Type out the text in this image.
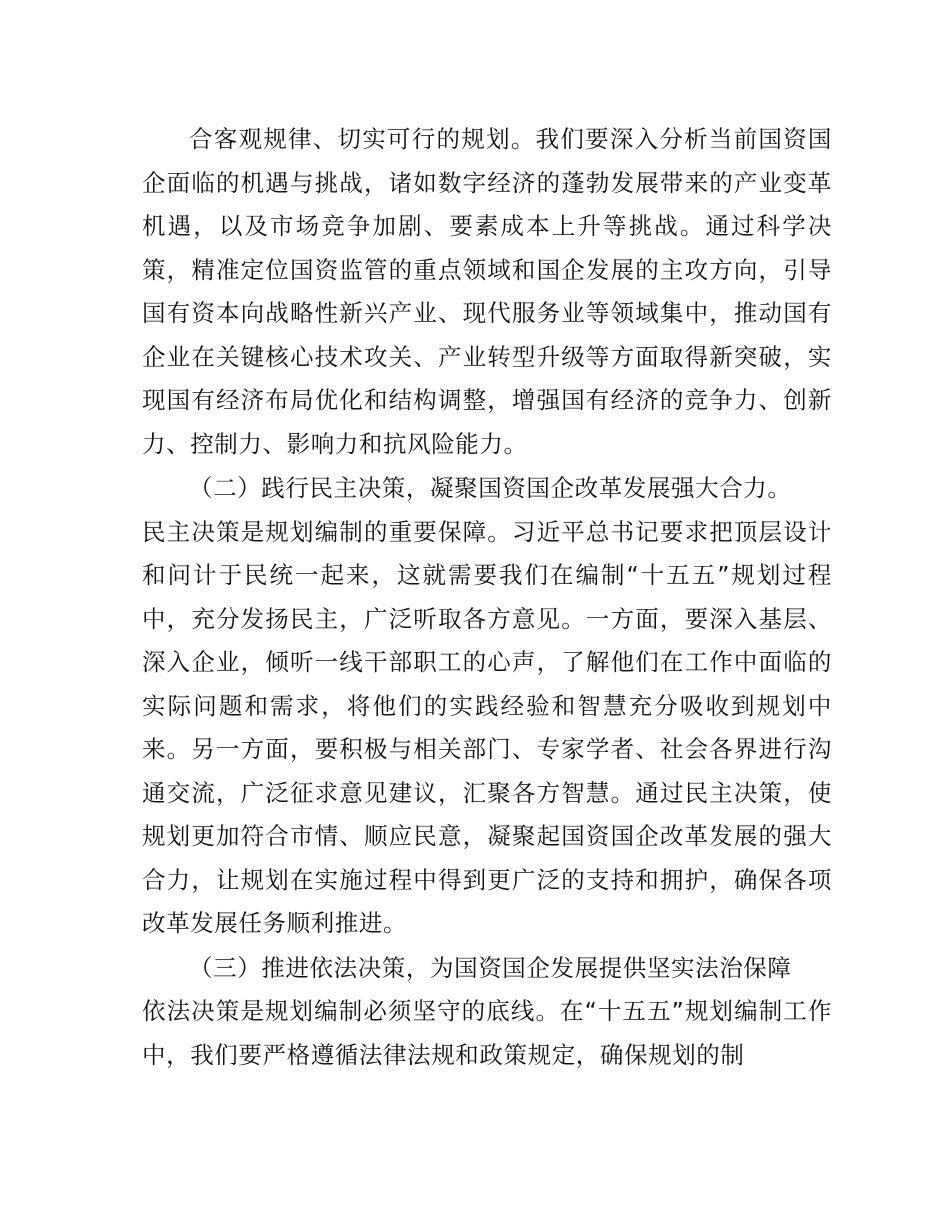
合客观规律、切实可行的规划。我们要深入分析当前国资国企面临的机遇与挑战，诸如数字经济的蓬勃发展带来的产业变革机遇，以及市场竞争加剧、要素成本上升等挑战。通过科学决策，精准定位国资监管的重点领域和国企发展的主攻方向，引导国有资本向战略性新兴产业、现代服务业等领域集中，推动国有企业在关键核心技术攻关、产业转型升级等方面取得新突破，实现国有经济布局优化和结构调整，增强国有经济的竞争力、创新力、控制力、影响力和抗风险能力。

（二）践行民主决策，凝聚国资国企改革发展强大合力。
民主决策是规划编制的重要保障。习近平总书记要求把顶层设计和问计于民统一起来，这就需要我们在编制“十五五”规划过程中，充分发扬民主，广泛听取各方意见。一方面，要深入基层、深入企业，倾听一线干部职工的心声，了解他们在工作中面临的实际问题和需求，将他们的实践经验和智慧充分吸收到规划中来。另一方面，要积极与相关部门、专家学者、社会各界进行沟通交流，广泛征求意见建议，汇聚各方智慧。通过民主决策，使规划更加符合市情、顺应民意，凝聚起国资国企改革发展的强大合力，让规划在实施过程中得到更广泛的支持和拥护，确保各项改革发展任务顺利推进。

（三）推进依法决策，为国资国企发展提供坚实法治保障
依法决策是规划编制必须坚守的底线。在“十五五”规划编制工作中，我们要严格遵循法律法规和政策规定，确保规划的制
